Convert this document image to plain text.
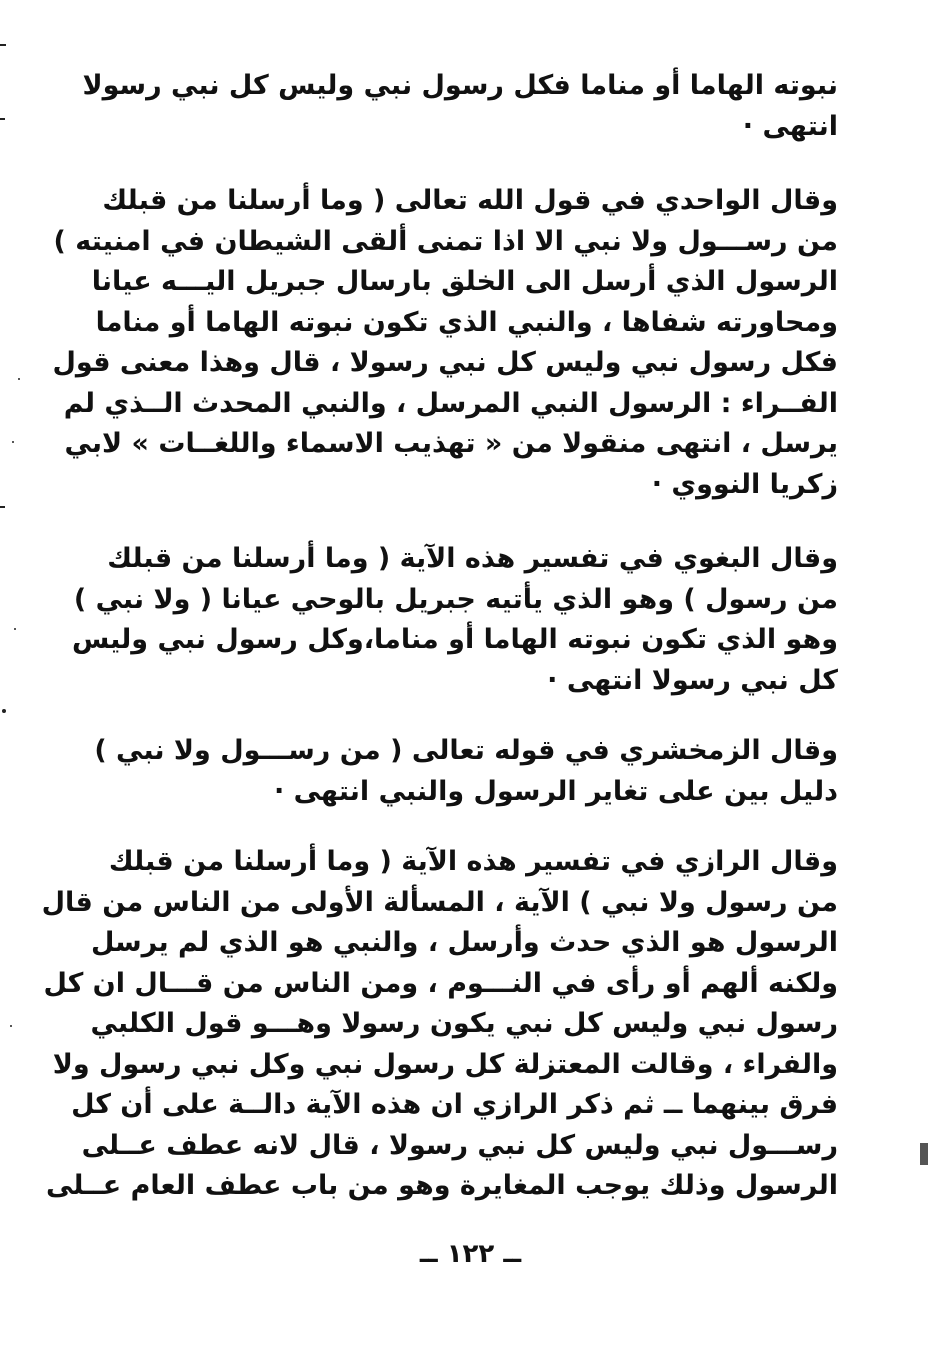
نبوته الهاما أو مناما فكل رسول نبي وليس كل نبي رسولا
انتهى ·

وقال الواحدي في قول الله تعالى ( وما أرسلنا من قبلك
من رســـول ولا نبي الا اذا تمنى ألقى الشيطان في امنيته )
الرسول الذي أرسل الى الخلق بارسال جبريل اليـــه عيانا
ومحاورته شفاها ، والنبي الذي تكون نبوته الهاما أو مناما
فكل رسول نبي وليس كل نبي رسولا ، قال وهذا معنى قول
الفــراء : الرسول النبي المرسل ، والنبي المحدث الــذي لم
يرسل ، انتهى منقولا من « تهذيب الاسماء واللغــات » لابي
زكريا النووي ·

وقال البغوي في تفسير هذه الآية ( وما أرسلنا من قبلك
من رسول ) وهو الذي يأتيه جبريل بالوحي عيانا ( ولا نبي )
وهو الذي تكون نبوته الهاما أو مناما،وكل رسول نبي وليس
كل نبي رسولا انتهى ·

وقال الزمخشري في قوله تعالى ( من رســـول ولا نبي )
دليل بين على تغاير الرسول والنبي انتهى ·

وقال الرازي في تفسير هذه الآية ( وما أرسلنا من قبلك
من رسول ولا نبي ) الآية ، المسألة الأولى من الناس من قال
الرسول هو الذي حدث وأرسل ، والنبي هو الذي لم يرسل
ولكنه ألهم أو رأى في النـــوم ، ومن الناس من قـــال ان كل
رسول نبي وليس كل نبي يكون رسولا وهـــو قول الكلبي
والفراء ، وقالت المعتزلة كل رسول نبي وكل نبي رسول ولا
فرق بينهما ــ ثم ذكر الرازي ان هذه الآية دالــة على أن كل
رســـول نبي وليس كل نبي رسولا ، قال لانه عطف عــلى
الرسول وذلك يوجب المغايرة وهو من باب عطف العام عــلى

ــ ١٢٢ ــ
